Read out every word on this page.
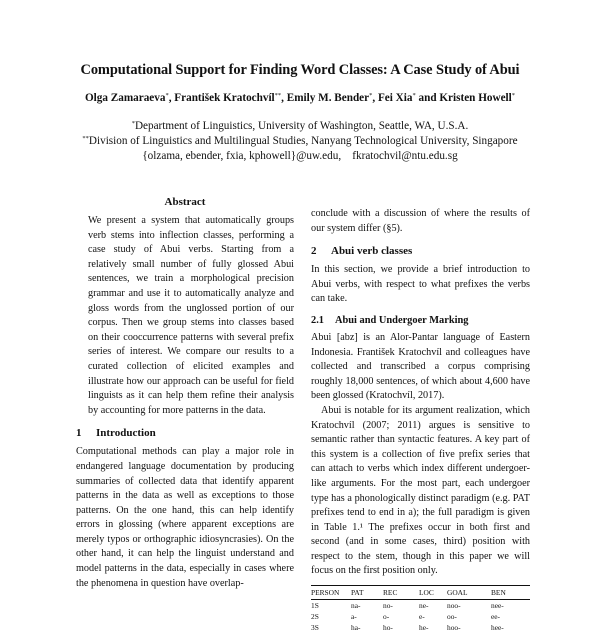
Computational Support for Finding Word Classes: A Case Study of Abui
Olga Zamaraeva*, František Kratochvíl**, Emily M. Bender*, Fei Xia* and Kristen Howell*
*Department of Linguistics, University of Washington, Seattle, WA, U.S.A.
**Division of Linguistics and Multilingual Studies, Nanyang Technological University, Singapore
{olzama, ebender, fxia, kphowell}@uw.edu,    fkratochvil@ntu.edu.sg
Abstract

We present a system that automatically groups verb stems into inflection classes, performing a case study of Abui verbs. Starting from a relatively small number of fully glossed Abui sentences, we train a morphological precision grammar and use it to automatically analyze and gloss words from the unglossed portion of our corpus. Then we group stems into classes based on their cooccurrence patterns with several prefix series of interest. We compare our results to a curated collection of elicited examples and illustrate how our approach can be useful for field linguists as it can help them refine their analysis by accounting for more patterns in the data.

1 Introduction

Computational methods can play a major role in endangered language documentation by producing summaries of collected data that identify apparent patterns in the data as well as exceptions to those patterns. On the one hand, this can help identify errors in glossing (where apparent exceptions are merely typos or orthographic idiosyncrasies). On the other hand, it can help the linguist understand and model patterns in the data, especially in cases where the phenomena in question have overlap-

conclude with a discussion of where the results of our system differ (§5).

2 Abui verb classes

In this section, we provide a brief introduction to Abui verbs, with respect to what prefixes the verbs can take.

2.1 Abui and Undergoer Marking

Abui [abz] is an Alor-Pantar language of Eastern Indonesia. František Kratochvíl and colleagues have collected and transcribed a corpus comprising roughly 18,000 sentences, of which about 4,600 have been glossed (Kratochvíl, 2017).

Abui is notable for its argument realization, which Kratochvíl (2007; 2011) argues is sensitive to semantic rather than syntactic features. A key part of this system is a collection of five prefix series that can attach to verbs which index different undergoer-like arguments. For the most part, each undergoer type has a phonologically distinct paradigm (e.g. PAT prefixes tend to end in a); the full paradigm is given in Table 1.¹ The prefixes occur in both first and second (and in some cases, third) position with respect to the stem, though in this paper we will focus on the first position only.

PERSON	PAT	REC	LOC	GOAL	BEN
1S	na-	no-	ne-	noo-	nee-
2S	a-	o-	e-	oo-	ee-
3S	ha-	ho-	he-	hoo-	hee-
